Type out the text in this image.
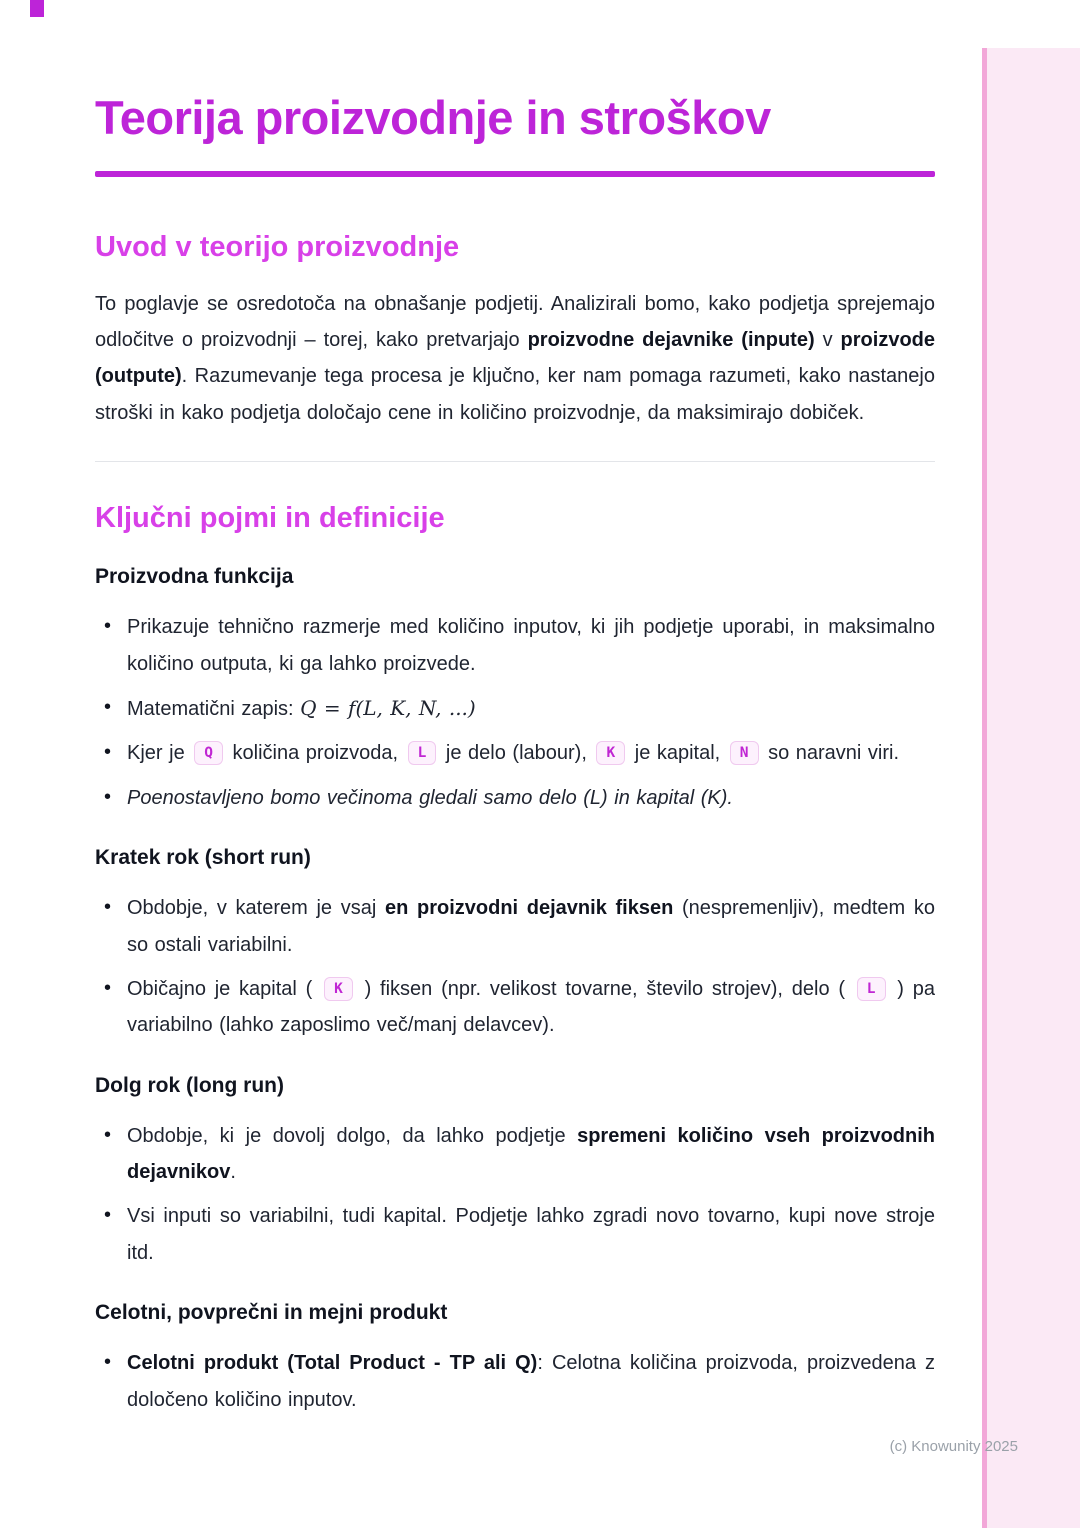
(c) Knowunity 2025
Teorija proizvodnje in stroškov
Uvod v teorijo proizvodnje

To poglavje se osredotoča na obnašanje podjetij. Analizirali bomo, kako podjetja sprejemajo odločitve o proizvodnji – torej, kako pretvarjajo proizvodne dejavnike (inpute) v proizvode (outpute). Razumevanje tega procesa je ključno, ker nam pomaga razumeti, kako nastanejo stroški in kako podjetja določajo cene in količino proizvodnje, da maksimirajo dobiček.

Ključni pojmi in definicije
Proizvodna funkcija
• Prikazuje tehnično razmerje med količino inputov, ki jih podjetje uporabi, in maksimalno količino outputa, ki ga lahko proizvede.
• Matematični zapis: Q = f(L, K, N, ...)
• Kjer je Q količina proizvoda, L je delo (labour), K je kapital, N so naravni viri.
• Poenostavljeno bomo večinoma gledali samo delo (L) in kapital (K).
Kratek rok (short run)
• Obdobje, v katerem je vsaj en proizvodni dejavnik fiksen (nespremenljiv), medtem ko so ostali variabilni.
• Običajno je kapital ( K ) fiksen (npr. velikost tovarne, število strojev), delo ( L ) pa variabilno (lahko zaposlimo več/manj delavcev).
Dolg rok (long run)
• Obdobje, ki je dovolj dolgo, da lahko podjetje spremeni količino vseh proizvodnih dejavnikov.
• Vsi inputi so variabilni, tudi kapital. Podjetje lahko zgradi novo tovarno, kupi nove stroje itd.
Celotni, povprečni in mejni produkt
• Celotni produkt (Total Product - TP ali Q): Celotna količina proizvoda, proizvedena z določeno količino inputov.
